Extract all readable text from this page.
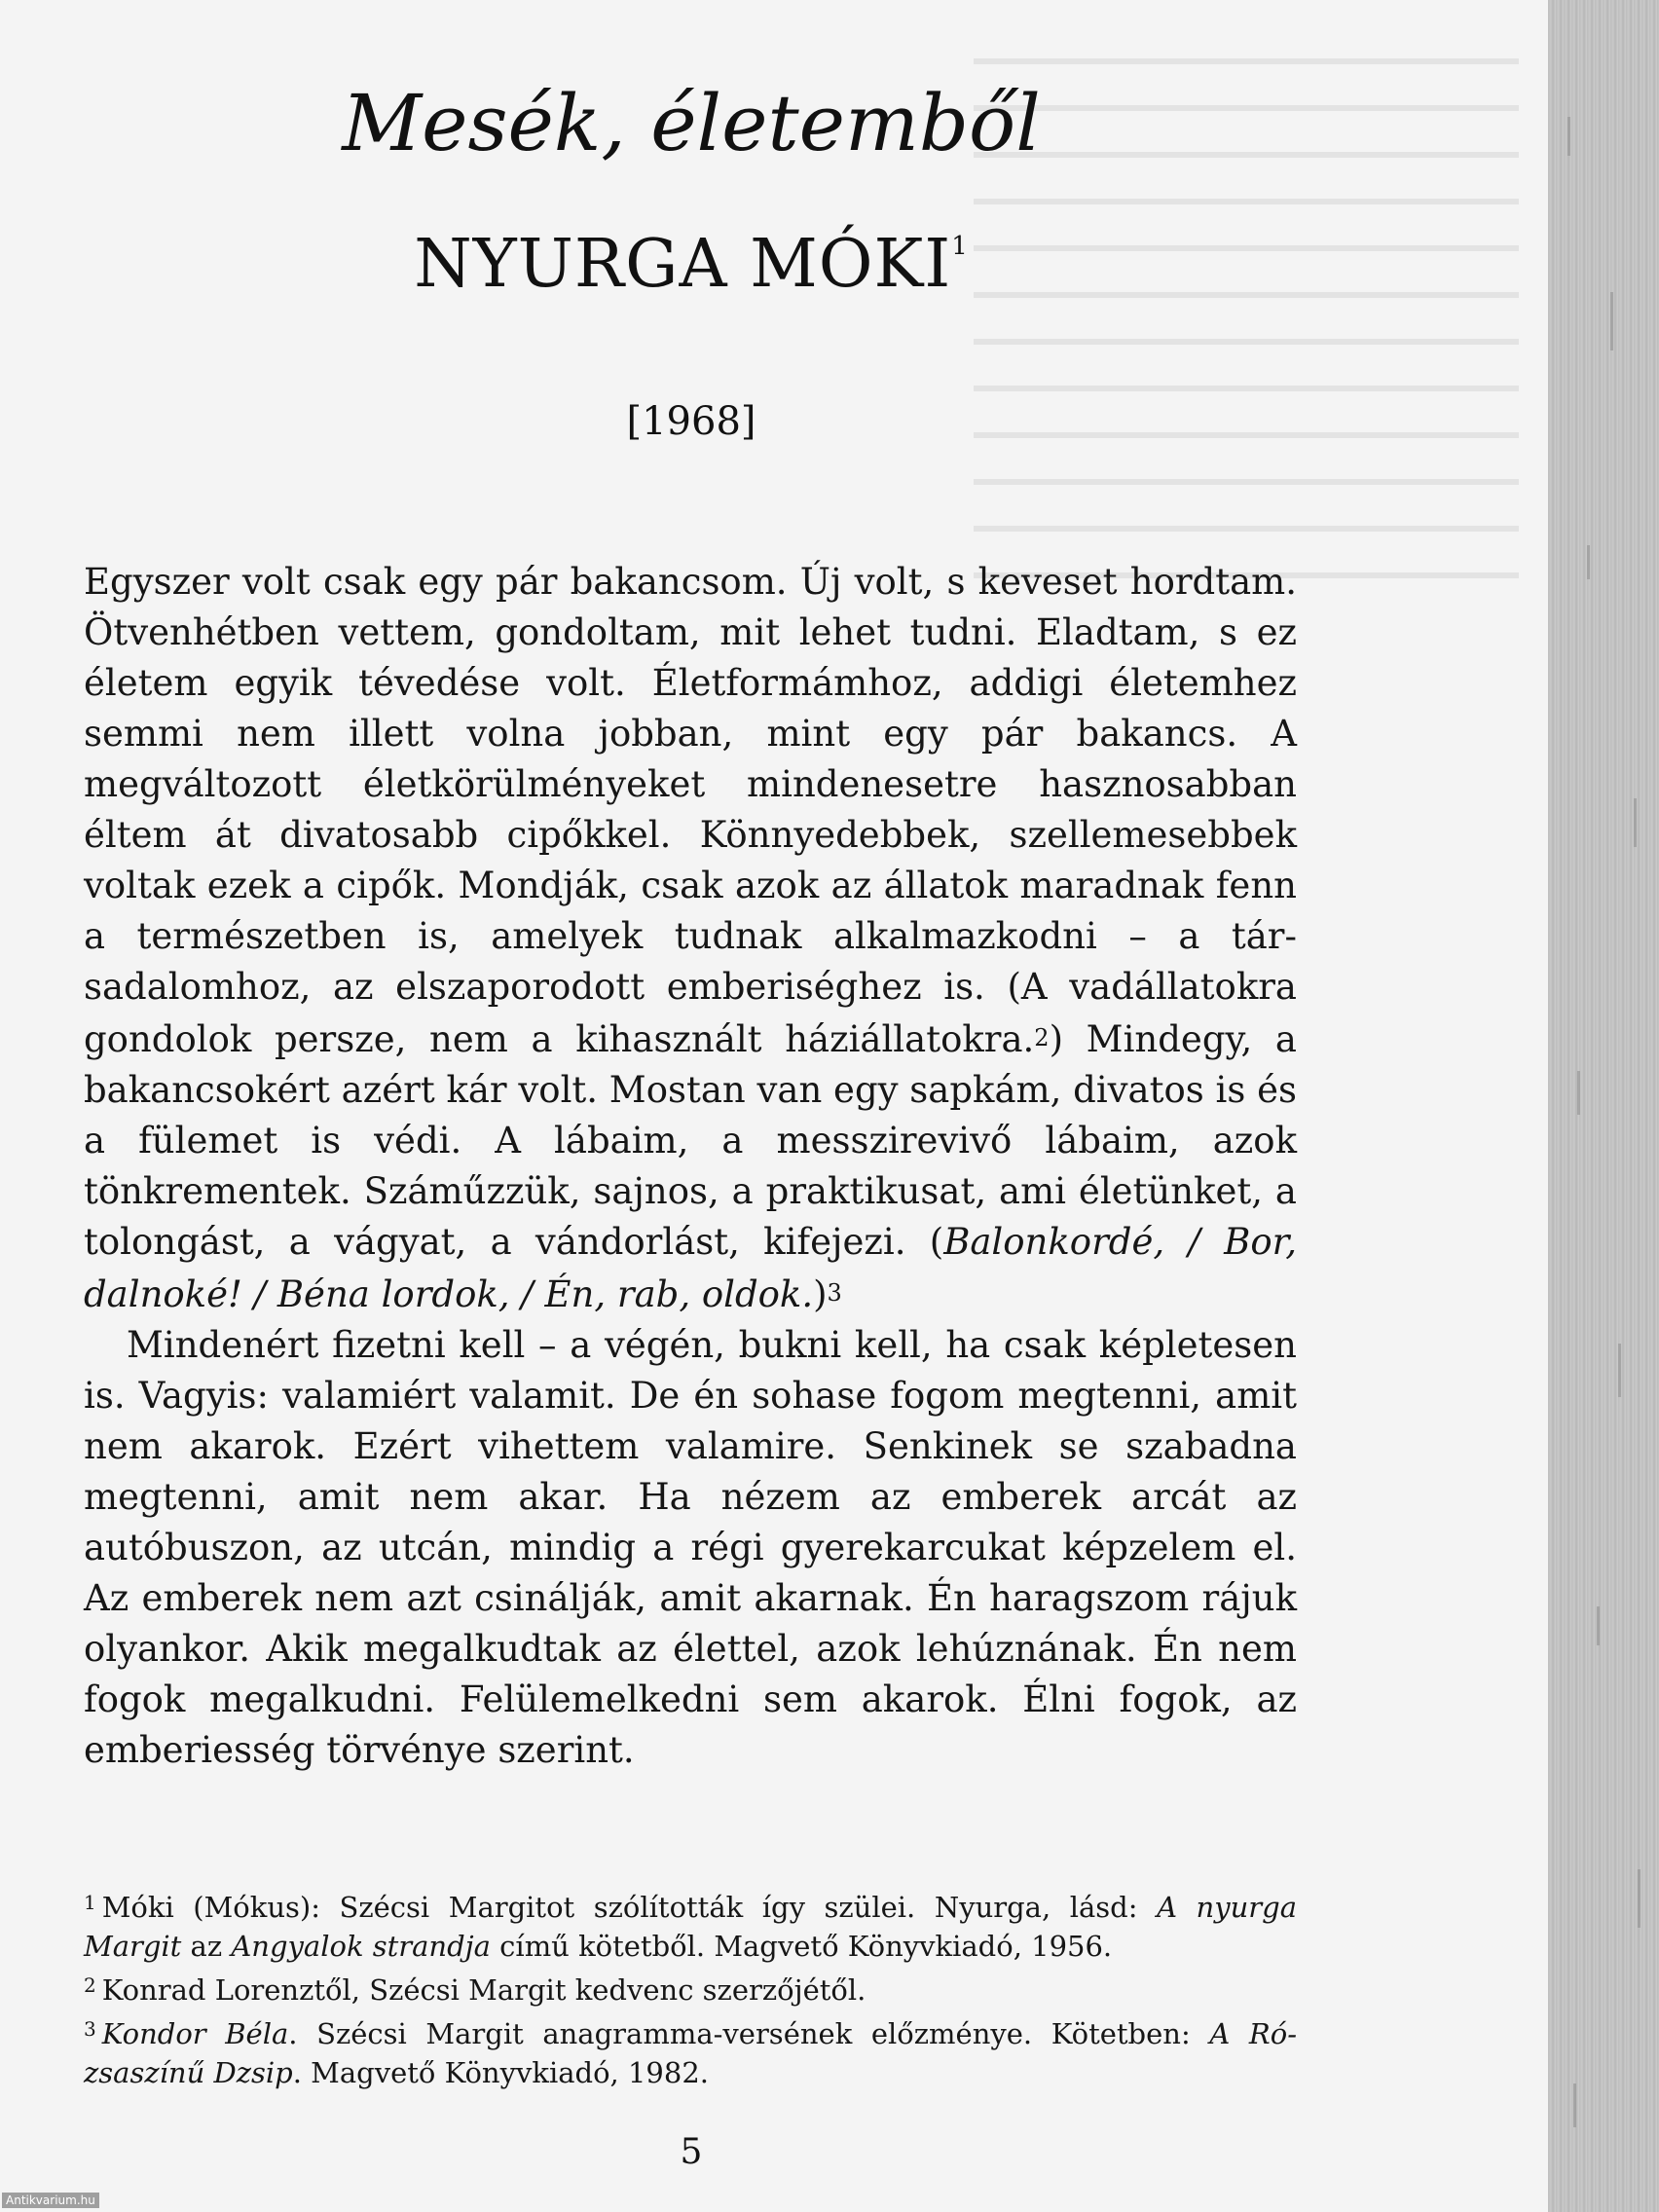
Mesék, életemből
NYURGA MÓKI$^1$
[1968]

Egyszer volt csak egy pár bakancsom. Új volt, s keveset hordtam. Ötvenhétben vettem, gondoltam, mit lehet tudni. Eladtam, s ez életem egyik tévedése volt. Életformámhoz, addigi életemhez semmi nem illett volna jobban, mint egy pár bakancs. A megváltozott életkörülményeket mindenesetre hasznosabban éltem át divatosabb cipőkkel. Könnyedebbek, szellemesebbek voltak ezek a cipők. Mondják, csak azok az állatok maradnak fenn a természetben is, amelyek tudnak alkalmazkodni – a társadalomhoz, az elszaporodott emberiséghez is. (A vadállatokra gondolok persze, nem a kihasznált háziállatokra.2) Mindegy, a bakancsokért azért kár volt. Mostan van egy sapkám, divatos is és a fülemet is védi. A lábaim, a messzirevivő lábaim, azok tönkrementek. Száműzzük, sajnos, a praktikusat, ami életünket, a tolongást, a vágyat, a vándorlást, kifejezi. (Balonkordé, / Bor, dalnoké! / Béna lordok, / Én, rab, oldok.)3

Mindenért fizetni kell – a végén, bukni kell, ha csak képletesen is. Vagyis: valamiért valamit. De én sohase fogom megtenni, amit nem akarok. Ezért vihettem valamire. Senkinek se szabadna megtenni, amit nem akar. Ha nézem az emberek arcát az autóbuszon, az utcán, mindig a régi gyerekarcukat képzelem el. Az emberek nem azt csinálják, amit akarnak. Én haragszom rájuk olyankor. Akik megalkudtak az élettel, azok lehúznának. Én nem fogok megalkudni. Felülemelkedni sem akarok. Élni fogok, az emberiesség törvénye szerint.

$^1$ Móki (Mókus): Szécsi Margitot szólították így szülei. Nyurga, lásd: A nyurga Margit az Angyalok strandja című kötetből. Magvető Könyvkiadó, 1956.

$^2$ Konrad Lorenztől, Szécsi Margit kedvenc szerzőjétől.

$^3$ Kondor Béla. Szécsi Margit anagramma-versének előzménye. Kötetben: A Rózsaszínű Dzsip. Magvető Könyvkiadó, 1982.

5
Antikvarium.hu
